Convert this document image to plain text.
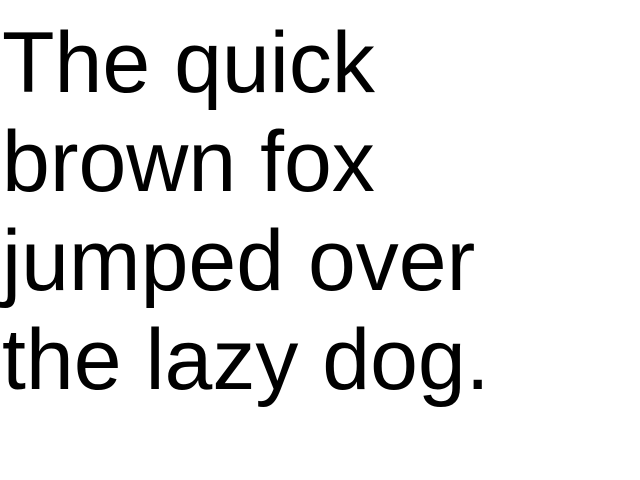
The quick
brown fox
jumped over
the lazy dog.
